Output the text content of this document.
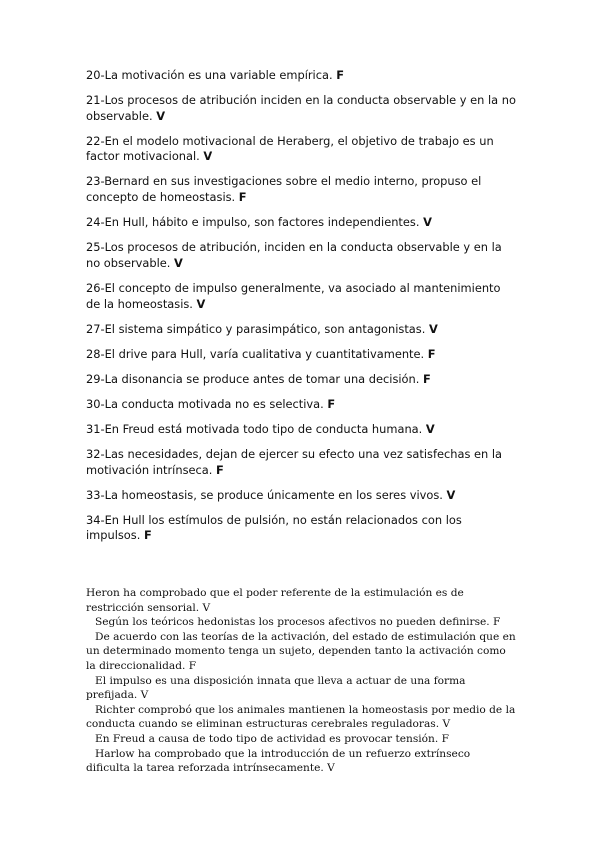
20-La motivación es una variable empírica. F

21-Los procesos de atribución inciden en la conducta observable y en la no observable. V

22-En el modelo motivacional de Heraberg, el objetivo de trabajo es un factor motivacional. V

23-Bernard en sus investigaciones sobre el medio interno, propuso el concepto de homeostasis. F

24-En Hull, hábito e impulso, son factores independientes. V

25-Los procesos de atribución, inciden en la conducta observable y en la no observable. V

26-El concepto de impulso generalmente, va asociado al mantenimiento de la homeostasis. V

27-El sistema simpático y parasimpático, son antagonistas. V

28-El drive para Hull, varía cualitativa y cuantitativamente. F

29-La disonancia se produce antes de tomar una decisión. F

30-La conducta motivada no es selectiva. F

31-En Freud está motivada todo tipo de conducta humana. V

32-Las necesidades, dejan de ejercer su efecto una vez satisfechas en la motivación intrínseca. F

33-La homeostasis, se produce únicamente en los seres vivos. V

34-En Hull los estímulos de pulsión, no están relacionados con los impulsos. F

Heron ha comprobado que el poder referente de la estimulación es de restricción sensorial. V

Según los teóricos hedonistas los procesos afectivos no pueden definirse. F

De acuerdo con las teorías de la activación, del estado de estimulación que en un determinado momento tenga un sujeto, dependen tanto la activación como la direccionalidad. F

El impulso es una disposición innata que lleva a actuar de una forma prefijada. V

Richter comprobó que los animales mantienen la homeostasis por medio de la conducta cuando se eliminan estructuras cerebrales reguladoras. V

En Freud a causa de todo tipo de actividad es provocar tensión. F

Harlow ha comprobado que la introducción de un refuerzo extrínseco dificulta la tarea reforzada intrínsecamente. V
